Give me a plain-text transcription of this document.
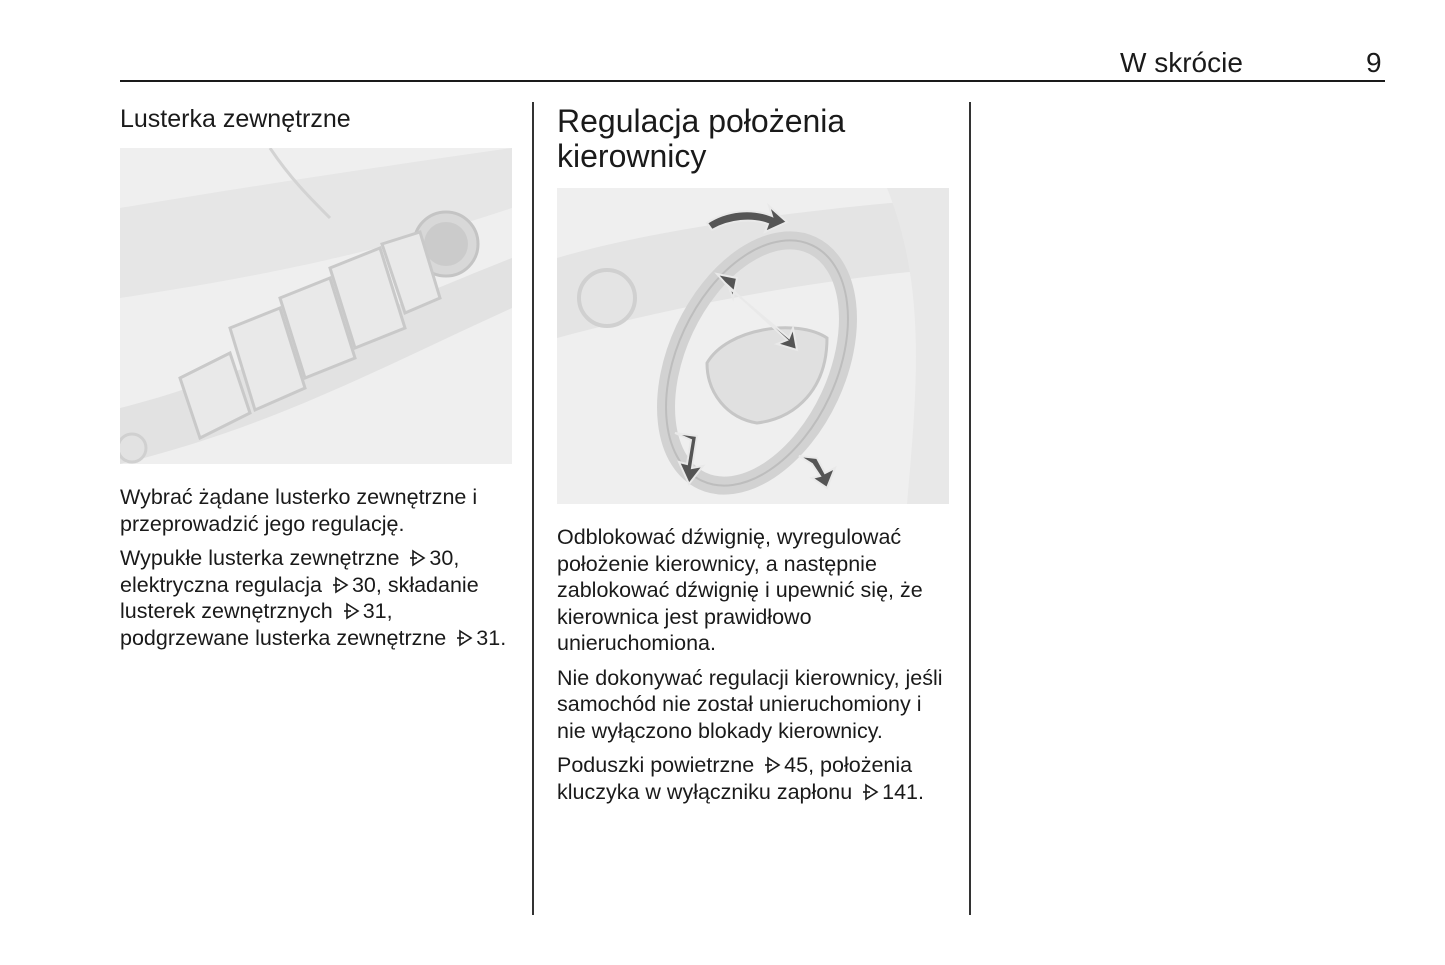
W skrócie	9
Lusterka zewnętrzne

Wybrać żądane lusterko zewnętrzne i przeprowadzić jego regulację.

Wypukłe lusterka zewnętrzne 30, elektryczna regulacja 30, składanie lusterek zewnętrznych 31, podgrzewane lusterka zewnętrzne 31.

Regulacja położenia kierownicy

Odblokować dźwignię, wyregulować położenie kierownicy, a następnie zablokować dźwignię i upewnić się, że kierownica jest prawidłowo unieruchomiona.

Nie dokonywać regulacji kierownicy, jeśli samochód nie został unieruchomiony i nie wyłączono blokady kierownicy.

Poduszki powietrzne 45, położenia kluczyka w wyłączniku zapłonu 141.
